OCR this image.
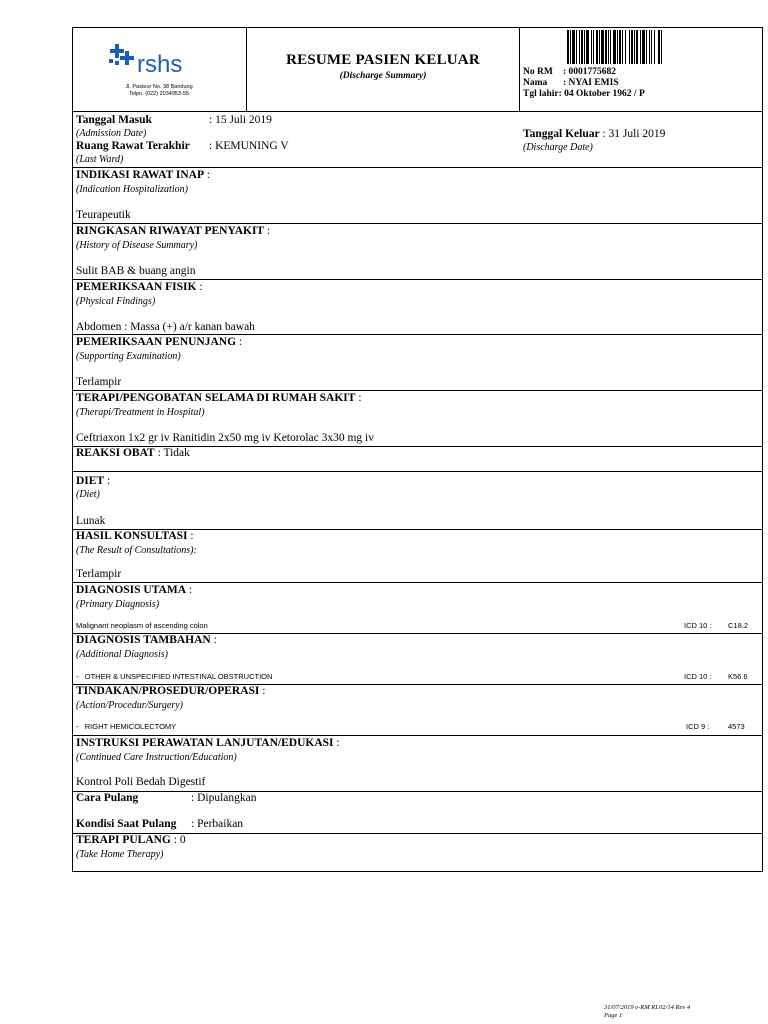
rshs
Jl. Pasteur No. 38 Bandung
Telpn. (022) 2034953-55
RESUME PASIEN KELUAR
(Discharge Summary)	No RM : 0001775682
Nama : NYAI EMIS
Tgl lahir: 04 Oktober 1962 / P
Tanggal Masuk	: 15 Juli 2019
(Admission Date)
Ruang Rawat Terakhir : KEMUNING V
(Last Ward)
Tanggal Keluar : 31 Juli 2019
(Discharge Date)
INDIKASI RAWAT INAP :
(Indication Hospitalization)
Teurapeutik
RINGKASAN RIWAYAT PENYAKIT :
(History of Disease Summary)
Sulit BAB & buang angin
PEMERIKSAAN FISIK :
(Physical Findings)
Abdomen : Massa (+) a/r kanan bawah
PEMERIKSAAN PENUNJANG :
(Supporting Examination)
Terlampir
TERAPI/PENGOBATAN SELAMA DI RUMAH SAKIT :
(Therapi/Treatment in Hospital)
Ceftriaxon 1x2 gr iv Ranitidin 2x50 mg iv Ketorolac 3x30 mg iv
REAKSI OBAT : Tidak
DIET :
(Diet)
Lunak
HASIL KONSULTASI :
(The Result of Consultations):
Terlampir
DIAGNOSIS UTAMA :
(Primary Diagnosis)
Malignant neoplasm of ascending colon	ICD 10 : C18.2
DIAGNOSIS TAMBAHAN :
(Additional Diagnosis)
-   OTHER & UNSPECIFIED INTESTINAL OBSTRUCTION	ICD 10 : K56.6
TINDAKAN/PROSEDUR/OPERASI :
(Action/Procedur/Surgery)
-   RIGHT HEMICOLECTOMY	ICD 9 : 4573
INSTRUKSI PERAWATAN LANJUTAN/EDUKASI :
(Continued Care Instruction/Education)
Kontrol Poli Bedah Digestif
Cara Pulang	: Dipulangkan
Kondisi Saat Pulang : Perbaikan
TERAPI PULANG : 0
(Take Home Therapy)
31/07/2019 e-RM RI.02/14 Rev 4
Page 1
